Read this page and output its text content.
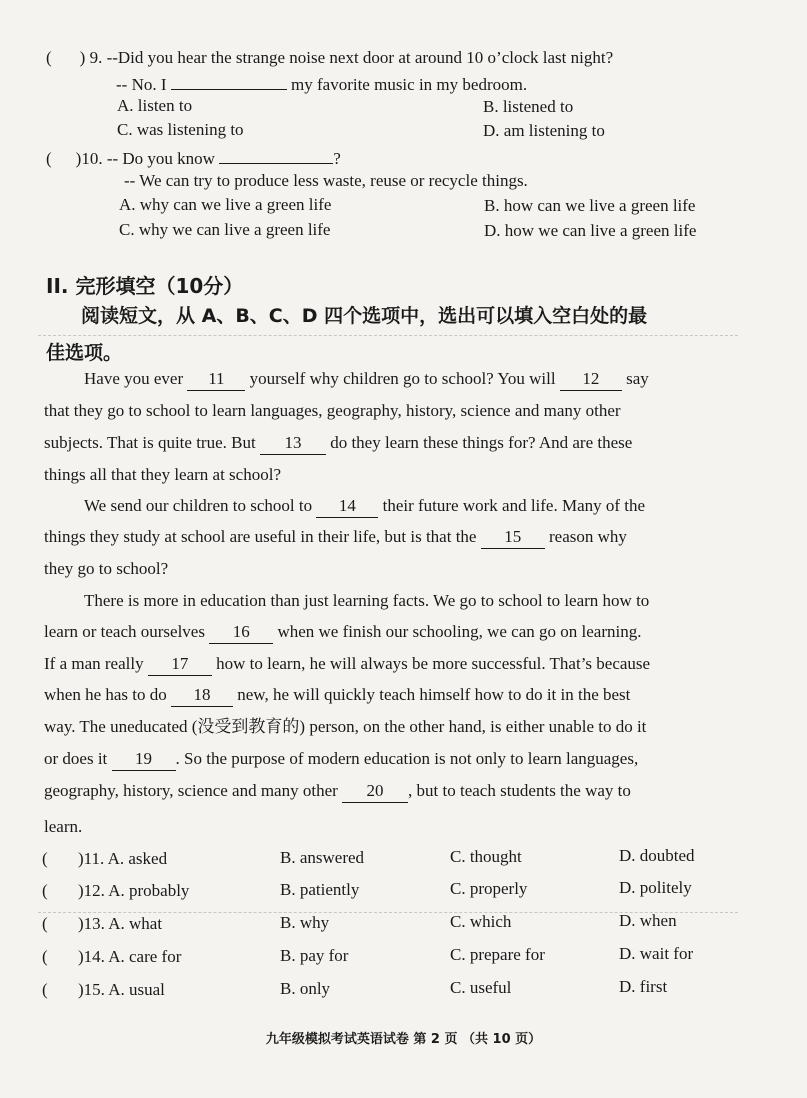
( ) 9. --Did you hear the strange noise next door at around 10 o’clock last night?
-- No. I	my favorite music in my bedroom.
A. listen to	B. listened to
C. was listening to	D. am listening to
( )10. -- Do you know	?
-- We can try to produce less waste, reuse or recycle things.
A. why can we live a green life	B. how can we live a green life
C. why we can live a green life	D. how we can live a green life
II. 完形填空（10分）
阅读短文，从 A、B、C、D 四个选项中，选出可以填入空白处的最
佳选项。
Have you ever 11 yourself why children go to school? You will 12 say
that they go to school to learn languages, geography, history, science and many other
subjects. That is quite true. But 13 do they learn these things for? And are these
things all that they learn at school?
We send our children to school to 14 their future work and life. Many of the
things they study at school are useful in their life, but is that the 15 reason why
they go to school?
There is more in education than just learning facts. We go to school to learn how to
learn or teach ourselves 16 when we finish our schooling, we can go on learning.
If a man really 17 how to learn, he will always be more successful. That’s because
when he has to do 18 new, he will quickly teach himself how to do it in the best
way. The uneducated (没受到教育的) person, on the other hand, is either unable to do it
or does it 19 . So the purpose of modern education is not only to learn languages,
geography, history, science and many other 20 , but to teach students the way to
learn.
( )11. A. asked	B. answered	C. thought	D. doubted
( )12. A. probably	B. patiently	C. properly	D. politely
( )13. A. what	B. why	C. which	D. when
( )14. A. care for	B. pay for	C. prepare for	D. wait for
( )15. A. usual	B. only	C. useful	D. first
九年级模拟考试英语试卷 第 2 页 （共 10 页）
